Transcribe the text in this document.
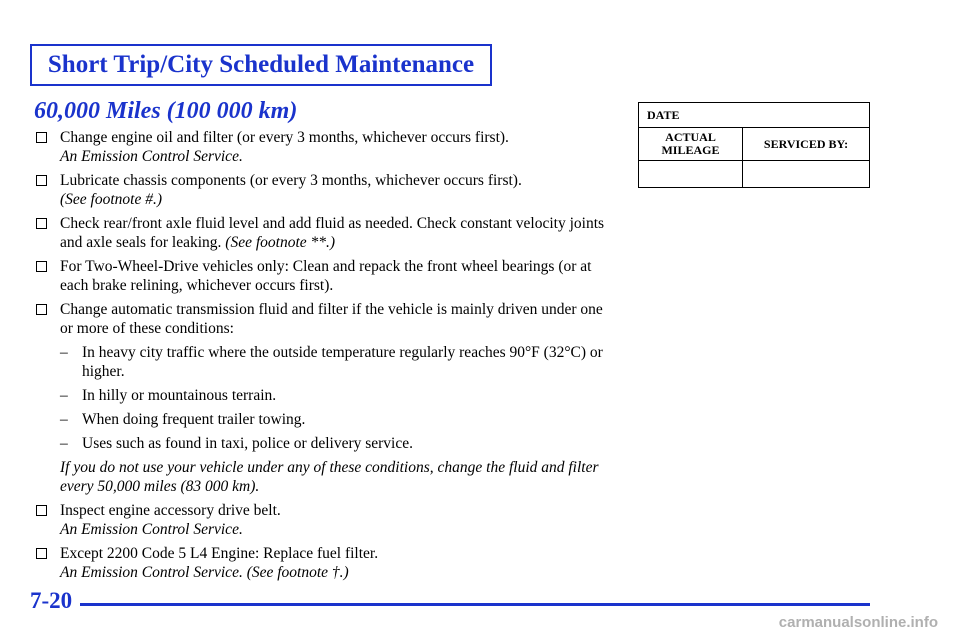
Short Trip/City Scheduled Maintenance
60,000 Miles (100 000 km)
Change engine oil and filter (or every 3 months, whichever occurs first).
An Emission Control Service.
Lubricate chassis components (or every 3 months, whichever occurs first).
(See footnote #.)
Check rear/front axle fluid level and add fluid as needed. Check constant velocity joints and axle seals for leaking. (See footnote **.)
For Two-Wheel-Drive vehicles only: Clean and repack the front wheel bearings (or at each brake relining, whichever occurs first).
Change automatic transmission fluid and filter if the vehicle is mainly driven under one or more of these conditions:
– In heavy city traffic where the outside temperature regularly reaches 90°F (32°C) or higher.
– In hilly or mountainous terrain.
– When doing frequent trailer towing.
– Uses such as found in taxi, police or delivery service.
If you do not use your vehicle under any of these conditions, change the fluid and filter every 50,000 miles (83 000 km).
Inspect engine accessory drive belt.
An Emission Control Service.
Except 2200 Code 5 L4 Engine: Replace fuel filter.
An Emission Control Service. (See footnote †.)
DATE	
ACTUAL MILEAGE	SERVICED BY:

7-20
carmanualsonline.info
